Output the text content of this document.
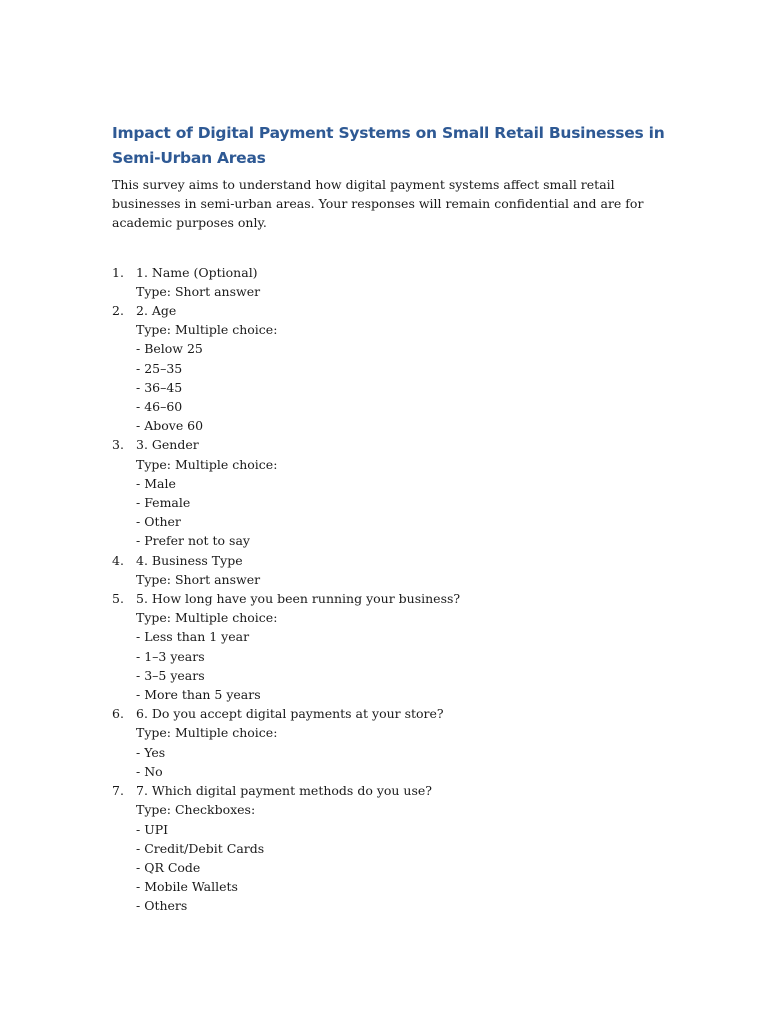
Impact of Digital Payment Systems on Small Retail Businesses in Semi-Urban Areas

This survey aims to understand how digital payment systems affect small retail businesses in semi-urban areas. Your responses will remain confidential and are for academic purposes only.

1. 1. Name (Optional)
Type: Short answer
2. 2. Age
Type: Multiple choice:
- Below 25
- 25–35
- 36–45
- 46–60
- Above 60
3. 3. Gender
Type: Multiple choice:
- Male
- Female
- Other
- Prefer not to say
4. 4. Business Type
Type: Short answer
5. 5. How long have you been running your business?
Type: Multiple choice:
- Less than 1 year
- 1–3 years
- 3–5 years
- More than 5 years
6. 6. Do you accept digital payments at your store?
Type: Multiple choice:
- Yes
- No
7. 7. Which digital payment methods do you use?
Type: Checkboxes:
- UPI
- Credit/Debit Cards
- QR Code
- Mobile Wallets
- Others
